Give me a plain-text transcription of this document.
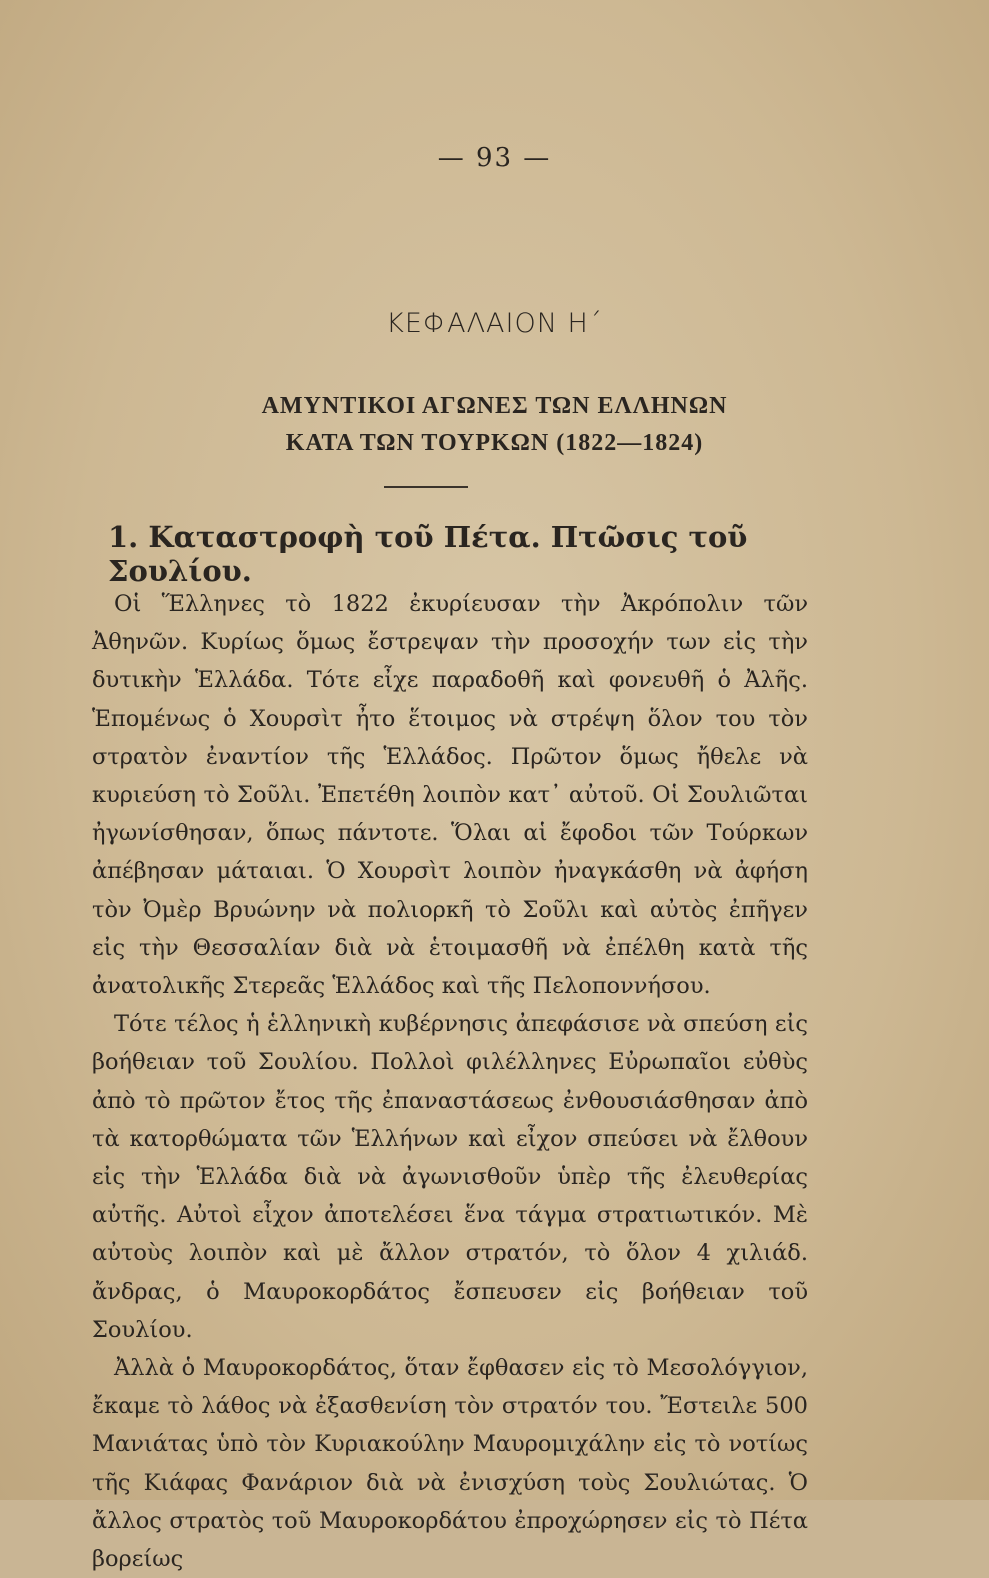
— 93 —
ΚΕΦΑΛΑΙΟΝ Η΄
ΑΜΥΝΤΙΚΟΙ ΑΓΩΝΕΣ ΤΩΝ ΕΛΛΗΝΩΝ
ΚΑΤΑ ΤΩΝ ΤΟΥΡΚΩΝ (1822—1824)
1. Καταστροφὴ τοῦ Πέτα. Πτῶσις τοῦ Σουλίου.

Οἱ Ἕλληνες τὸ 1822 ἐκυρίευσαν τὴν Ἀκρόπολιν τῶν Ἀθηνῶν. Κυρίως ὅμως ἔστρεψαν τὴν προσοχήν των εἰς τὴν δυτικὴν Ἑλλάδα. Τότε εἶχε παραδοθῆ καὶ φονευθῆ ὁ Ἀλῆς. Ἑπομένως ὁ Χουρσὶτ ἦτο ἕτοιμος νὰ στρέψη ὅλον του τὸν στρατὸν ἐναντίον τῆς Ἑλλάδος. Πρῶτον ὅμως ἤθελε νὰ κυριεύση τὸ Σοῦλι. Ἐπετέθη λοιπὸν κατ᾽ αὐτοῦ. Οἱ Σουλιῶται ἠγωνίσθησαν, ὅπως πάντοτε. Ὅλαι αἱ ἔφοδοι τῶν Τούρκων ἀπέβησαν μάταιαι. Ὁ Χουρσὶτ λοιπὸν ἠναγκάσθη νὰ ἀφήση τὸν Ὀμὲρ Βρυώνην νὰ πολιορκῆ τὸ Σοῦλι καὶ αὐτὸς ἐπῆγεν εἰς τὴν Θεσσαλίαν διὰ νὰ ἑτοιμασθῆ νὰ ἐπέλθη κατὰ τῆς ἀνατολικῆς Στερεᾶς Ἑλλάδος καὶ τῆς Πελοποννήσου.

Τότε τέλος ἡ ἑλληνικὴ κυβέρνησις ἀπεφάσισε νὰ σπεύση εἰς βοήθειαν τοῦ Σουλίου. Πολλοὶ φιλέλληνες Εὐρωπαῖοι εὐθὺς ἀπὸ τὸ πρῶτον ἔτος τῆς ἐπαναστάσεως ἐνθουσιάσθησαν ἀπὸ τὰ κατορθώματα τῶν Ἑλλήνων καὶ εἶχον σπεύσει νὰ ἔλθουν εἰς τὴν Ἑλλάδα διὰ νὰ ἀγωνισθοῦν ὑπὲρ τῆς ἐλευθερίας αὐτῆς. Αὐτοὶ εἶχον ἀποτελέσει ἕνα τάγμα στρατιωτικόν. Μὲ αὐτοὺς λοιπὸν καὶ μὲ ἄλλον στρατόν, τὸ ὅλον 4 χιλιάδ. ἄνδρας, ὁ Μαυροκορδάτος ἔσπευσεν εἰς βοήθειαν τοῦ Σουλίου.

Ἀλλὰ ὁ Μαυροκορδάτος, ὅταν ἔφθασεν εἰς τὸ Μεσολόγγιον, ἔκαμε τὸ λάθος νὰ ἐξασθενίση τὸν στρατόν του. Ἔστειλε 500 Μανιάτας ὑπὸ τὸν Κυριακούλην Μαυρομιχάλην εἰς τὸ νοτίως τῆς Κιάφας Φανάριον διὰ νὰ ἐνισχύση τοὺς Σουλιώτας. Ὁ ἄλλος στρατὸς τοῦ Μαυροκορδάτου ἐπροχώρησεν εἰς τὸ Πέτα βορείως
